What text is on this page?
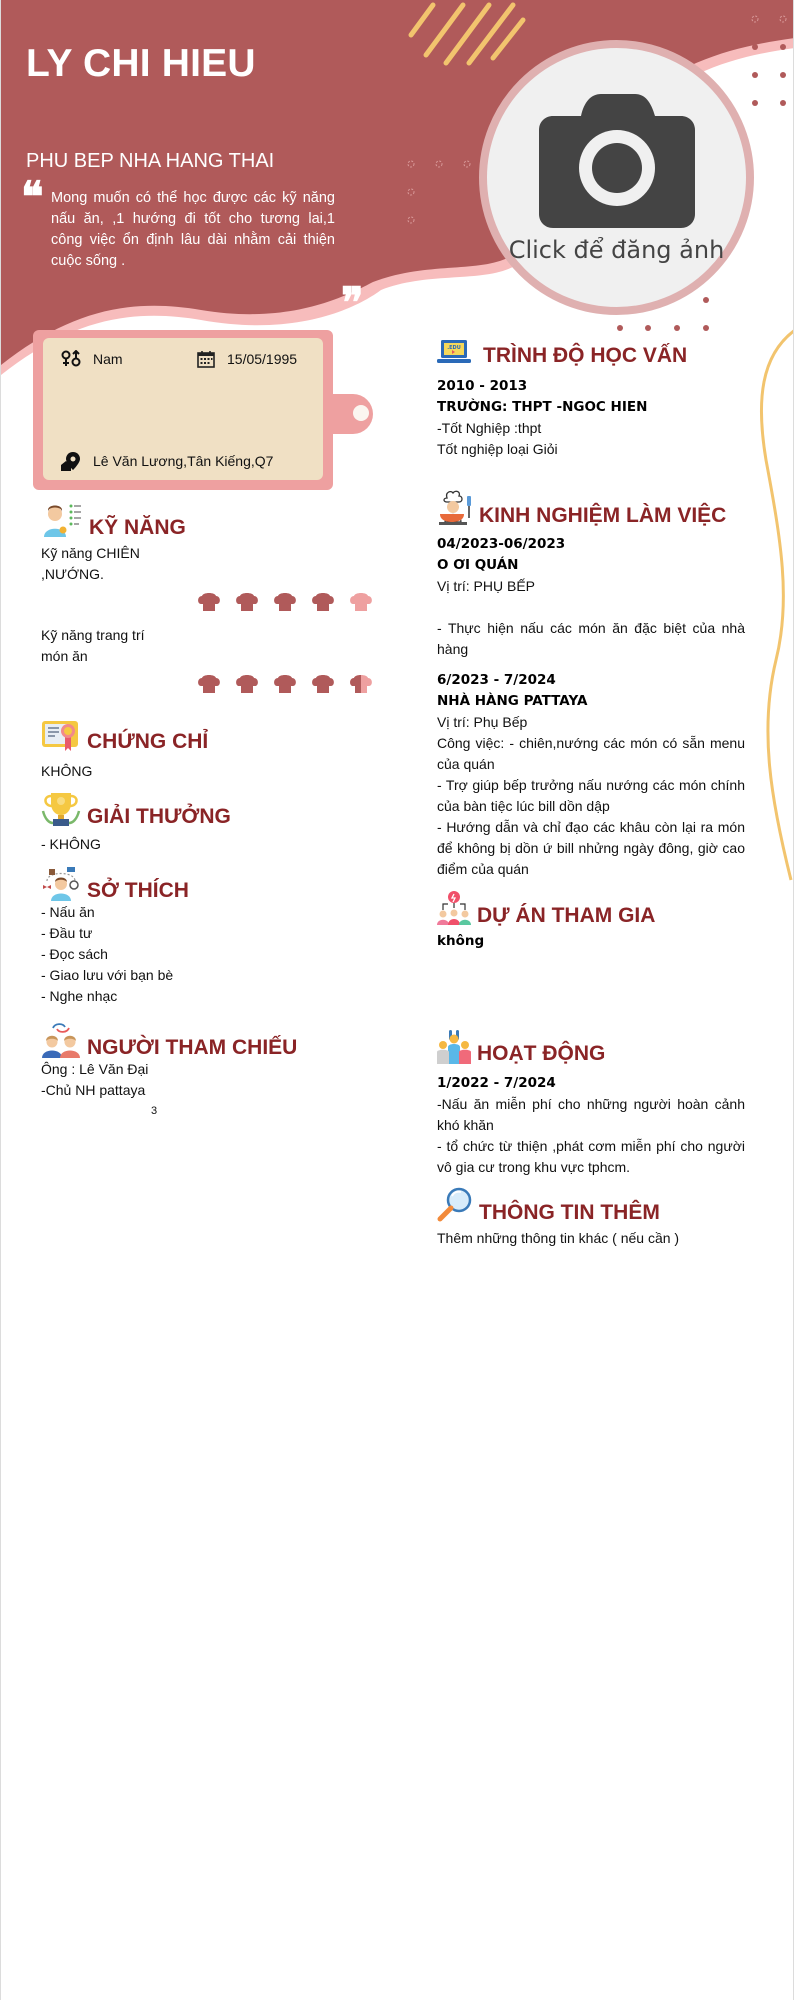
LY CHI HIEU
PHU BEP NHA HANG THAI
❝ Mong muốn có thể học được các kỹ năng nấu ăn, ,1 hướng đi tốt cho tương lai,1 công việc ổn định lâu dài nhằm cải thiện cuộc sống .
❞
Click để đăng ảnh
Nam	15/05/1995
Lê Văn Lương,Tân Kiếng,Q7
KỸ NĂNG
Kỹ năng CHIÊN
,NƯỚNG.
Kỹ năng trang trí
món ăn
CHỨNG CHỈ
KHÔNG
GIẢI THƯỞNG
- KHÔNG
SỞ THÍCH
- Nấu ăn
- Đầu tư
- Đọc sách
- Giao lưu với bạn bè
- Nghe nhạc
NGƯỜI THAM CHIẾU
Ông : Lê Văn Đại
-Chủ NH pattaya
3
.EDU TRÌNH ĐỘ HỌC VẤN
2010 - 2013
TRƯỜNG: THPT -NGOC HIEN
-Tốt Nghiệp :thpt
Tốt nghiệp loại Giỏi
KINH NGHIỆM LÀM VIỆC
04/2023-06/2023
O ƠI QUÁN
Vị trí: PHỤ BẾP
- Thực hiện nấu các món ăn đặc biệt của nhà hàng
6/2023 - 7/2024
NHÀ HÀNG PATTAYA
Vị trí: Phụ Bếp
Công việc: - chiên,nướng các món có sẵn menu của quán
- Trợ giúp bếp trưởng nấu nướng các món chính của bàn tiệc lúc bill dồn dập
- Hướng dẫn và chỉ đạo các khâu còn lại ra món để không bị dồn ứ bill nhửng ngày đông, giờ cao điểm của quán
DỰ ÁN THAM GIA
không
HOẠT ĐỘNG
1/2022 - 7/2024
-Nấu ăn miễn phí cho những người hoàn cảnh khó khăn
- tổ chức từ thiện ,phát cơm miễn phí cho người vô gia cư trong khu vực tphcm.
THÔNG TIN THÊM
Thêm những thông tin khác ( nếu cần )
